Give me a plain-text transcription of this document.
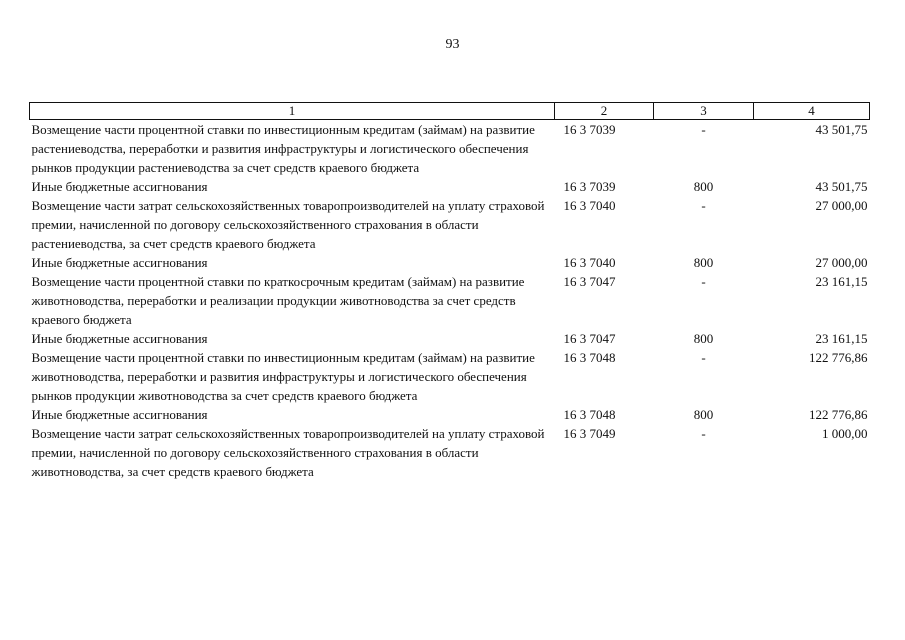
93
1	2	3	4
Возмещение части процентной ставки по инвестиционным кредитам (займам) на развитие растениеводства, переработки и развития инфраструктуры и логистического обеспечения рынков продукции растениеводства за счет средств краевого бюджета	16 3 7039	-	43 501,75
Иные бюджетные ассигнования	16 3 7039	800	43 501,75
Возмещение части затрат сельскохозяйственных товаропроизводителей на уплату страховой премии, начисленной по договору сельскохозяйственного страхования в области растениеводства, за счет средств краевого бюджета	16 3 7040	-	27 000,00
Иные бюджетные ассигнования	16 3 7040	800	27 000,00
Возмещение части процентной ставки по краткосрочным кредитам (займам) на развитие животноводства, переработки и реализации продукции животноводства за счет средств краевого бюджета	16 3 7047	-	23 161,15
Иные бюджетные ассигнования	16 3 7047	800	23 161,15
Возмещение части процентной ставки по инвестиционным кредитам (займам) на развитие животноводства, переработки и развития инфраструктуры и логистического обеспечения рынков продукции животноводства за счет средств краевого бюджета	16 3 7048	-	122 776,86
Иные бюджетные ассигнования	16 3 7048	800	122 776,86
Возмещение части затрат сельскохозяйственных товаропроизводителей на уплату страховой премии, начисленной по договору сельскохозяйственного страхования в области животноводства, за счет средств краевого бюджета	16 3 7049	-	1 000,00
